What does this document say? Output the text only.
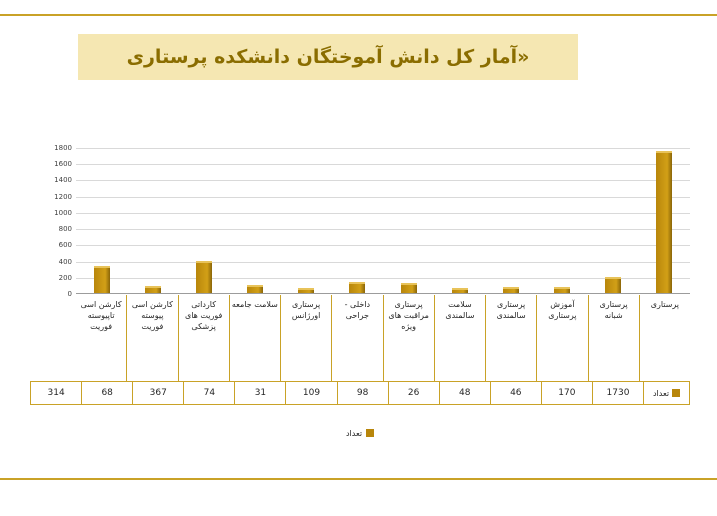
«آمار کل دانش آموختگان دانشکده پرستاری
0
200
400
600
800
1000
1200
1400
1600
1800
پرستاری
پرستاری شبانه
آموزش پرستاری
پرستاری سالمندی
سلامت سالمندی
پرستاری مراقبت های ویژه
داخلی - جراحی
پرستاری اورژانس
سلامت جامعه
کارداتی فوریت های پزشکی
کارشن اسی پیوسته فوریت
کارشن اسی تاپیوسته فوریت
تعداد
1730
170
46
48
26
98
109
31
74
367
68
314
تعداد
